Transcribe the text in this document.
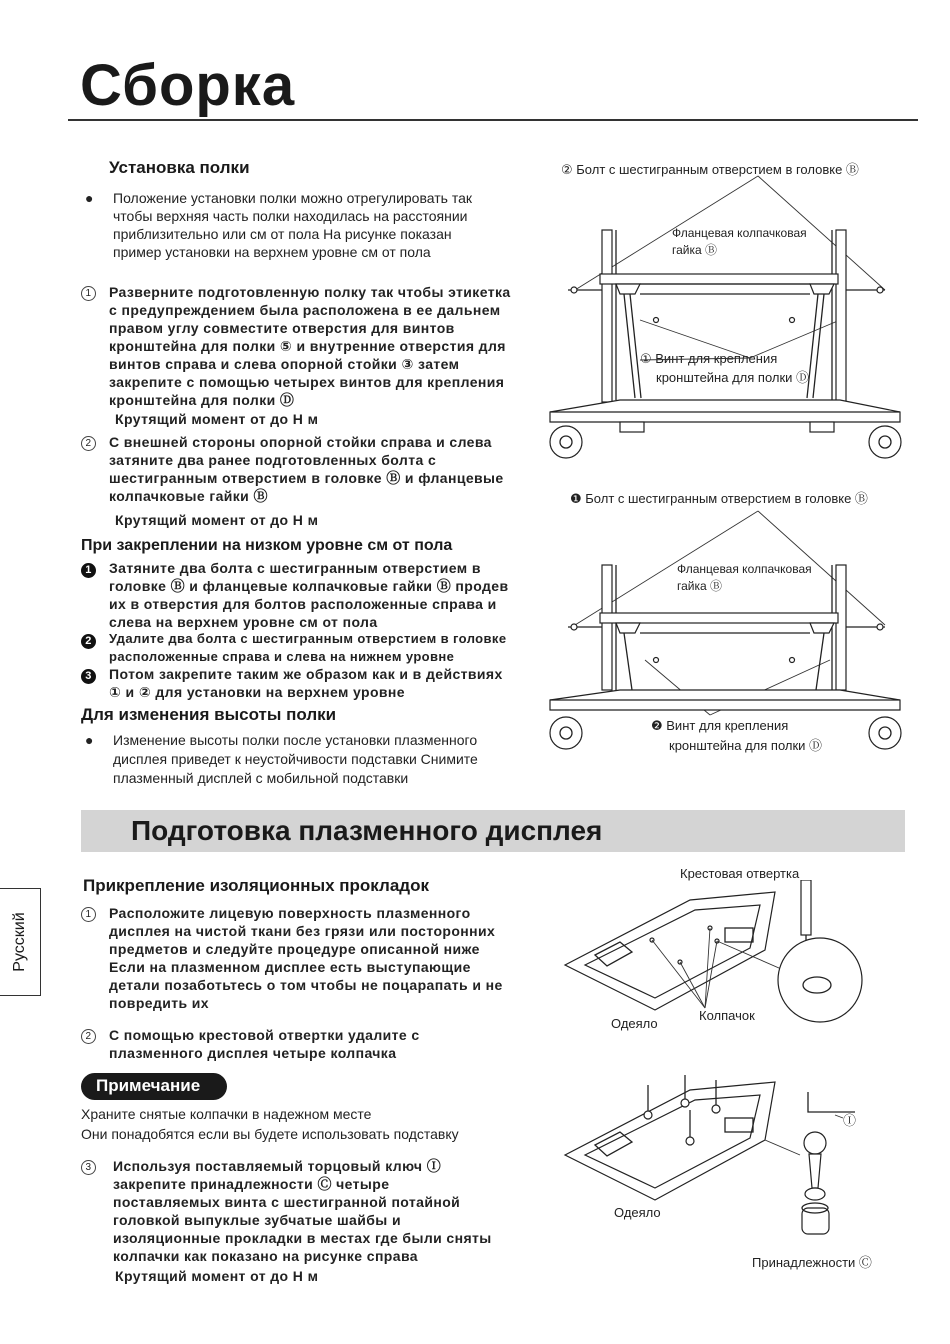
Сборка
Установка полки
● Положение установки полки можно отрегулировать так чтобы верхняя часть полки находилась на расстоянии приблизительно или см от пола На рисунке показан пример установки на верхнем уровне см от пола
1	Разверните подготовленную полку так чтобы этикетка с предупреждением была расположена в ее дальнем правом углу совместите отверстия для винтов кронштейна для полки ⑤ и внутренние отверстия для винтов справа и слева опорной стойки ③ затем закрепите с помощью четырех винтов для крепления кронштейна для полки Ⓓ
Крутящий момент от до Н м
2	С внешней стороны опорной стойки справа и слева затяните два ранее подготовленных болта с шестигранным отверстием в головке Ⓑ и фланцевые колпачковые гайки Ⓑ
Крутящий момент от до Н м
При закреплении на низком уровне см от пола
1	Затяните два болта с шестигранным отверстием в головке Ⓑ и фланцевые колпачковые гайки Ⓑ продев их в отверстия для болтов расположенные справа и слева на верхнем уровне см от пола
2	Удалите два болта с шестигранным отверстием в головке расположенные справа и слева на нижнем уровне
3	Потом закрепите таким же образом как и в действиях ① и ② для установки на верхнем уровне
Для изменения высоты полки
● Изменение высоты полки после установки плазменного дисплея приведет к неустойчивости подставки Снимите плазменный дисплей с мобильной подставки
② Болт с шестигранным отверстием в головке Ⓑ
Фланцевая колпачковая
гайка Ⓑ
① Винт для крепления
кронштейна для полки Ⓓ
❶ Болт с шестигранным отверстием в головке Ⓑ
Фланцевая колпачковая
гайка Ⓑ
❷ Винт для крепления
кронштейна для полки Ⓓ
Подготовка плазменного дисплея
Русский
Прикрепление изоляционных прокладок
1	Расположите лицевую поверхность плазменного дисплея на чистой ткани без грязи или посторонних предметов и следуйте процедуре описанной ниже Если на плазменном дисплее есть выступающие детали позаботьтесь о том чтобы не поцарапать и не повредить их
2	С помощью крестовой отвертки удалите с плазменного дисплея четыре колпачка
Примечание
Храните снятые колпачки в надежном месте
Они понадобятся если вы будете использовать подставку
3	Используя поставляемый торцовый ключ Ⓘ закрепите принадлежности Ⓒ четыре поставляемых винта с шестигранной потайной головкой выпуклые зубчатые шайбы и изоляционные прокладки в местах где были сняты колпачки как показано на рисунке справа
Крутящий момент от до Н м
Крестовая отвертка
Одеяло
Колпачок
Одеяло
Ⓘ
Принадлежности Ⓒ
